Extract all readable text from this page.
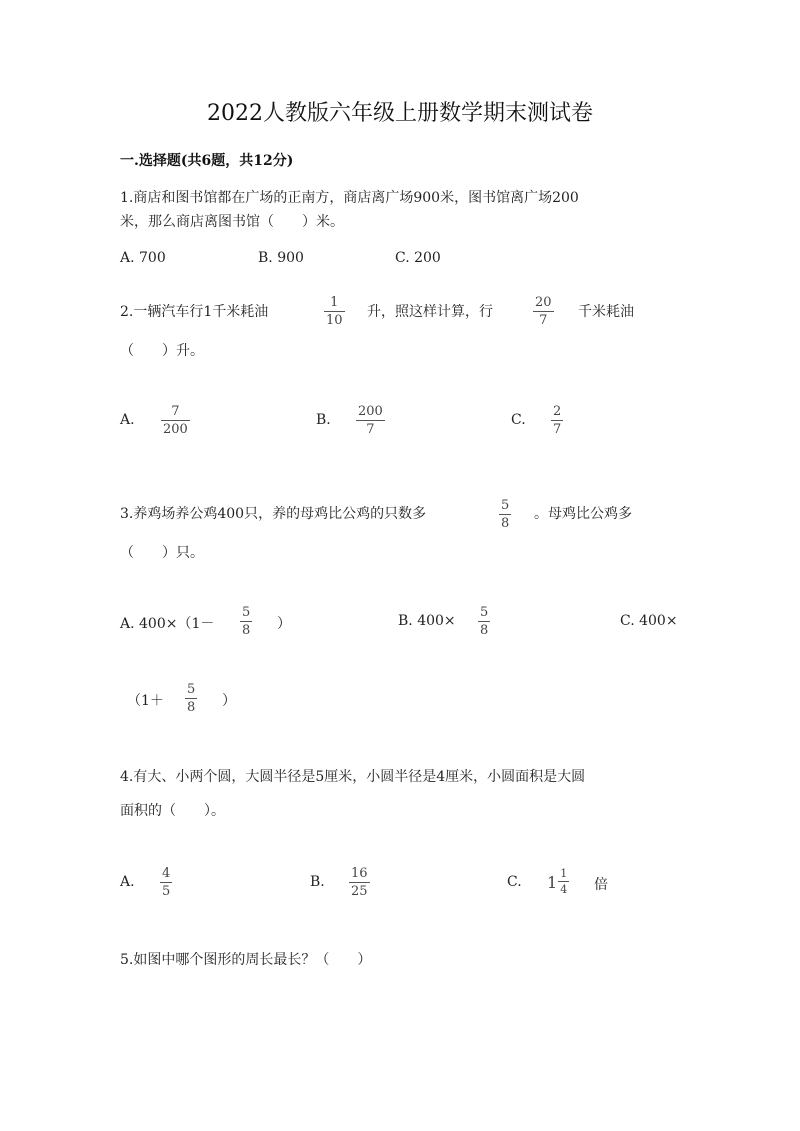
2022人教版六年级上册数学期末测试卷
一.选择题(共6题，共12分)
1.商店和图书馆都在广场的正南方，商店离广场900米，图书馆离广场200
米，那么商店离图书馆（　　）米。
A. 700	B. 900	C. 200
2.一辆汽车行1千米耗油
1
10
升，照这样计算，行
20
7
千米耗油
（　　）升。
A.
7
200
B.
200
7
C.
2
7
3.养鸡场养公鸡400只，养的母鸡比公鸡的只数多
5
8
。母鸡比公鸡多
（　　）只。
A. 400×（1－
5
8 ）	B. 400×
5
8
C. 400×
（1＋
5
8 ）
4.有大、小两个圆，大圆半径是5厘米，小圆半径是4厘米，小圆面积是大圆
面积的（　　）。
A.
4
5
B.
16
25
C. $1 \frac{1}{4}$ 倍
5.如图中哪个图形的周长最长？（　　）
